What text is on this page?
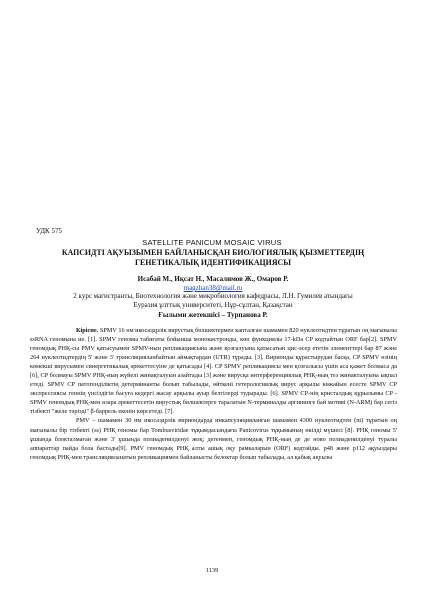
УДК 575
SATELLITE PANICUM MOSAIC VIRUS
КАПСИДТІ АҚУЫЗЫМЕН БАЙЛАНЫСҚАН БИОЛОГИЯЛЫҚ ҚЫЗМЕТТЕРДІҢ ГЕНЕТИКАЛЫҚ ИДЕНТИФИКАЦИЯСЫ
Исабай М., Иқсат Н., Масалимов Ж., Омаров Р.
magzhan38@mail.ru
2 курс магистранты, Биотехнология және микробиология кафедрасы, Л.Н. Гумилев атындағы
Еуразия ұлттық университеті, Нұр-сұлтан, Қазақстан
Ғылыми жетекшісі – Турпанова Р.

Кіріспе. SPMV 16 нм икосаэдрлік вирустық бөлшектермен капталған шамамен 820 нуклеотидтен тұратын оң мағыналы ssRNA геномына ие. [1]. SPMV геномы табиғаты бойынша монокистронды, көп функциялы 17-kDa CP кодтайтын ORF бар[2]. SPMV геномдық РНҚ-сы PMV қатысуымен SPMV-нын репликациясына және қозғалуына қатысатын цис-әсер ететін элементтері бар 87 және 264 нуклеотидтердің 5' және 3' трансляцияланбайтын аймақтардан (UTR) тұрады. [3]. Вирионды құрастырудан басқа, CP SPMV өзінің көмекші вирусымен синергетикалық әрекеттесуіне де қатысады [4]. CP SPMV репликациясы мен қозғалысы үшін аса қажет болмаса да [6], CP болмауы SPMV РНҚ-ның жүйелі жинақталуын азайтады [3] және вирусқа интерференциялық РНҚ-ның тез жинакталуына ықпал етеді. SPMV CP патогенділіктің детерминанты болып табылады, өйткені гетерологиялық вирус арқылы көжайын есесте SPMV CP экспрессиясы геннің үнсіздігін басуға кедергі жасау арқылы ауыр белгілерді тудырады. [6]. SPMV CP-нің кристалдық құрылымы CP - SPMV геномдық РНҚ-мен өзара әрекеттесетін вирустық бөлшектерге таралатын N-терминалды аргининге бай мотиві (N-ARM) бар сегіз тізбекті "желе тәрізді" β-баррель екенін көрсетеді. [7].

PMV – шамамен 30 нм икосаэдрлік вириондарда инкапсуляцияланған шамамен 4300 нуклеотидтен (nt) тұратын оң мағыналы бір тізбекті (ss) РНҚ геномы бар Tombusviridae тұқымдасындағы Panicovirus тұқымының өкілді мүшесі [8]. РНҚ геномы 5' ұшында блокталмаған және 3' ұшында полиаденилденуі жоқ; дегенмен, геномдық РНҚ-ның де де ново полиаденилденуі туралы аппараттар пайда бола бастады[9]. PMV геномдық РНҚ алты ашық оқу рамкаларын (ORF) кодтайды. p48 және p112 ақуыздары геномдық РНҚ-мен трансляцияланатын репликациямен байланысты белоктар болып табылады, ал қабық ақуызы

1139
